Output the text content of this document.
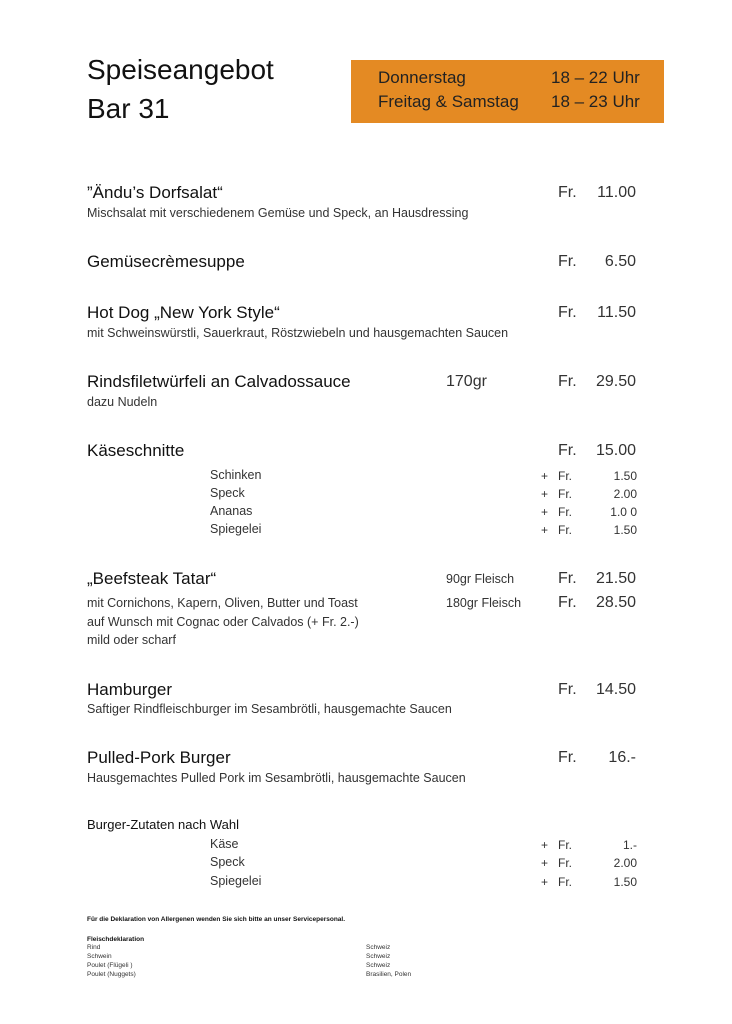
Speiseangebot
Bar 31
Donnerstag	18 – 22 Uhr
Freitag & Samstag 18 – 23 Uhr
”Ändu’s Dorfsalat“	Fr.	11.00
Mischsalat mit verschiedenem Gemüse und Speck, an Hausdressing
Gemüsecrèmesuppe	Fr.	6.50
Hot Dog „New York Style“	Fr.	11.50
mit Schweinswürstli, Sauerkraut, Röstzwiebeln und hausgemachten Saucen
Rindsfiletwürfeli an Calvadossauce	170gr	Fr.	29.50
dazu Nudeln
Käseschnitte	Fr.	15.00
Schinken	+ Fr.	1.50
Speck	+ Fr.	2.00
Ananas	+ Fr.	1.0 0
Spiegelei	+ Fr.	1.50
„Beefsteak Tatar“	90gr Fleisch	Fr.	21.50
mit Cornichons, Kapern, Oliven, Butter und Toast	180gr Fleisch Fr.	28.50
auf Wunsch mit Cognac oder Calvados (+ Fr. 2.-)
mild oder scharf
Hamburger	Fr.	14.50
Saftiger Rindfleischburger im Sesambrötli, hausgemachte Saucen
Pulled-Pork Burger	Fr.	16.-
Hausgemachtes Pulled Pork im Sesambrötli, hausgemachte Saucen
Burger-Zutaten nach Wahl
Käse	+ Fr.	1.-
Speck	+ Fr.	2.00
Spiegelei	+ Fr.	1.50
Für die Deklaration von Allergenen wenden Sie sich bitte an unser Servicepersonal.
Fleischdeklaration
Rind	Schweiz
Schwein	Schweiz
Poulet (Flügeli )	Schweiz
Poulet (Nuggets)	Brasilien, Polen
